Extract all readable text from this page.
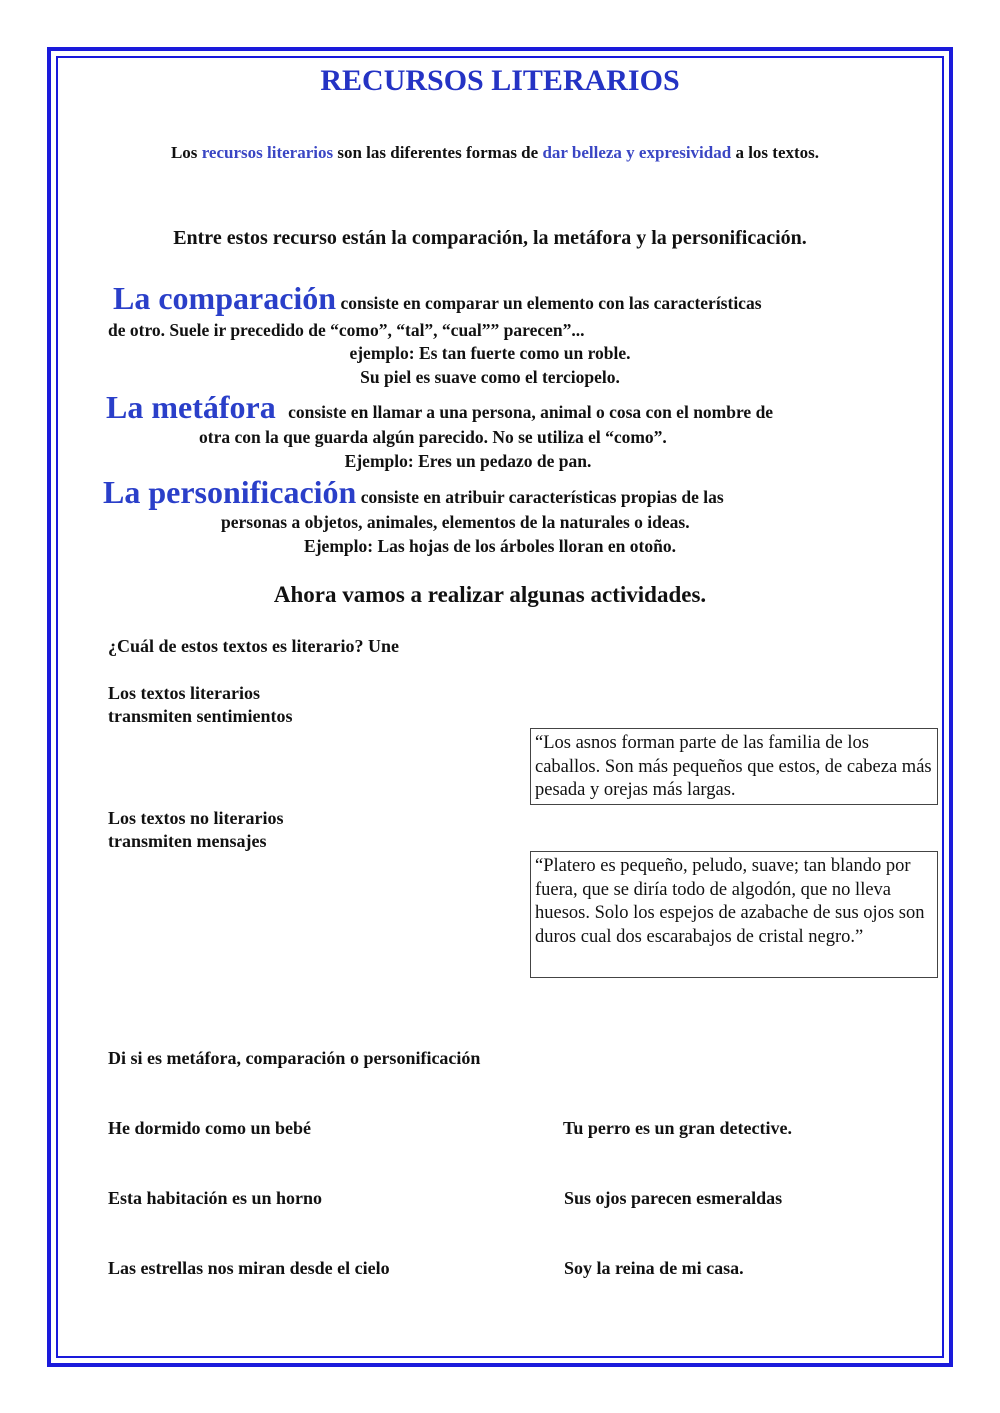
RECURSOS LITERARIOS
Los recursos literarios son las diferentes formas de dar belleza y expresividad a los textos.
Entre estos recurso están la comparación, la metáfora y la personificación.
La comparación consiste en comparar un elemento con las características
de otro. Suele ir precedido de “como”, “tal”, “cual”” parecen”...
ejemplo: Es tan fuerte como un roble.
Su piel es suave como el terciopelo.
La metáfora consiste en llamar a una persona, animal o cosa con el nombre de
otra con la que guarda algún parecido. No se utiliza el “como”.
Ejemplo: Eres un pedazo de pan.
La personificación consiste en atribuir características propias de las
personas a objetos, animales, elementos de la naturales o ideas.
Ejemplo: Las hojas de los árboles lloran en otoño.
Ahora vamos a realizar algunas actividades.
¿Cuál de estos textos es literario? Une
Los textos literarios
transmiten sentimientos
Los textos no literarios
transmiten mensajes
“Los asnos forman parte de las familia de los caballos. Son más pequeños que estos, de cabeza más pesada y orejas más largas.
“Platero es pequeño, peludo, suave; tan blando por fuera, que se diría todo de algodón, que no lleva huesos. Solo los espejos de azabache de sus ojos son duros cual dos escarabajos de cristal negro.”
Di si es metáfora, comparación o personificación
He dormido como un bebé	Tu perro es un gran detective.
Esta habitación es un horno	Sus ojos parecen esmeraldas
Las estrellas nos miran desde el cielo	Soy la reina de mi casa.
